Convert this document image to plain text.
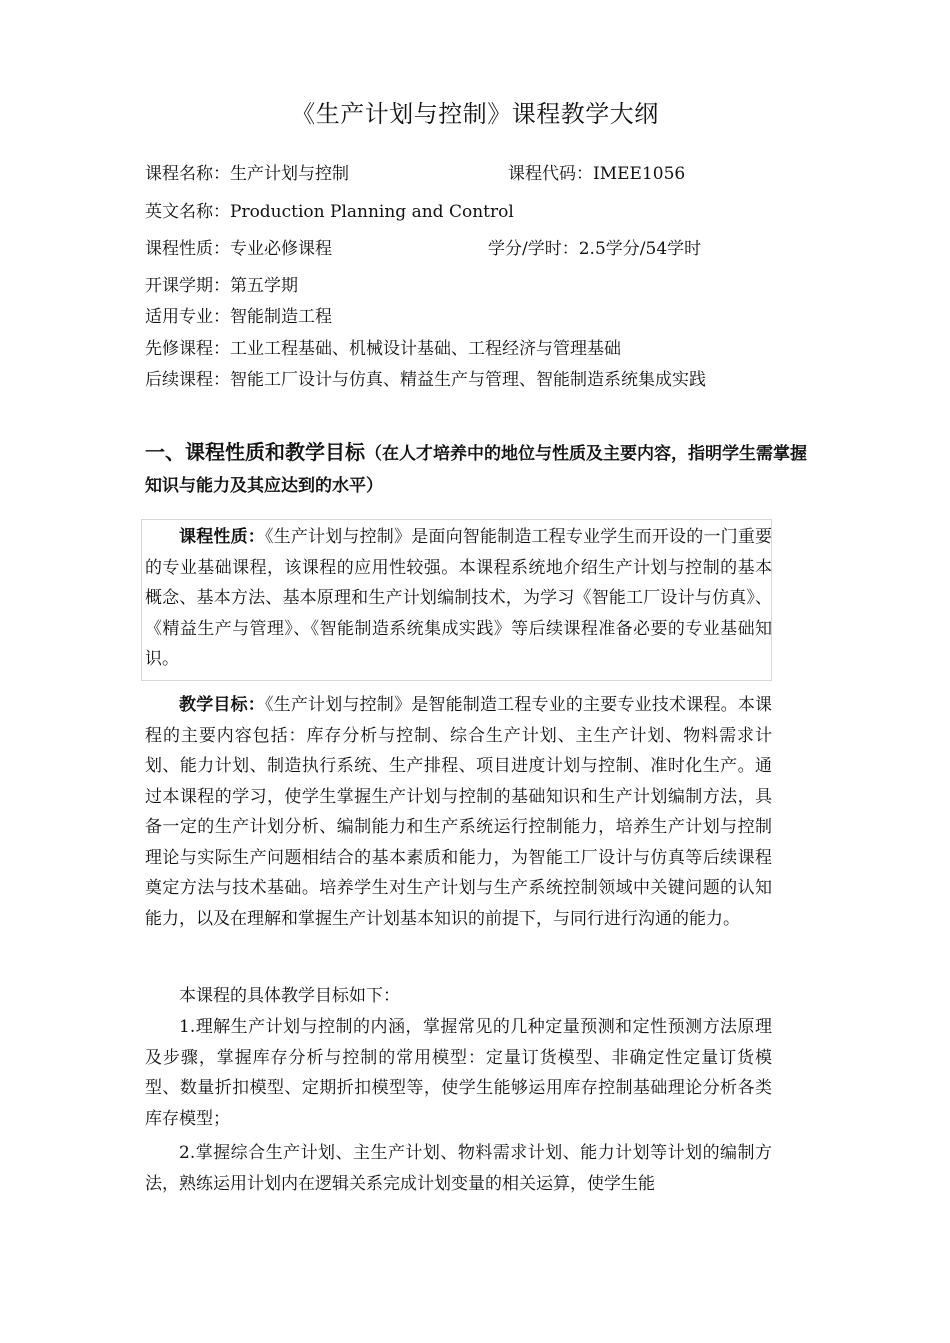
《生产计划与控制》课程教学大纲
课程名称：生产计划与控制	课程代码：IMEE1056
英文名称：Production Planning and Control
课程性质：专业必修课程	学分/学时：2.5学分/54学时
开课学期：第五学期
适用专业：智能制造工程
先修课程：工业工程基础、机械设计基础、工程经济与管理基础
后续课程：智能工厂设计与仿真、精益生产与管理、智能制造系统集成实践
一、课程性质和教学目标（在人才培养中的地位与性质及主要内容，指明学生需掌握知识与能力及其应达到的水平）
课程性质：《生产计划与控制》是面向智能制造工程专业学生而开设的一门重要的专业基础课程，该课程的应用性较强。本课程系统地介绍生产计划与控制的基本概念、基本方法、基本原理和生产计划编制技术，为学习《智能工厂设计与仿真》、《精益生产与管理》、《智能制造系统集成实践》等后续课程准备必要的专业基础知识。
教学目标：《生产计划与控制》是智能制造工程专业的主要专业技术课程。本课程的主要内容包括：库存分析与控制、综合生产计划、主生产计划、物料需求计划、能力计划、制造执行系统、生产排程、项目进度计划与控制、准时化生产。通过本课程的学习，使学生掌握生产计划与控制的基础知识和生产计划编制方法，具备一定的生产计划分析、编制能力和生产系统运行控制能力，培养生产计划与控制理论与实际生产问题相结合的基本素质和能力，为智能工厂设计与仿真等后续课程奠定方法与技术基础。培养学生对生产计划与生产系统控制领域中关键问题的认知能力，以及在理解和掌握生产计划基本知识的前提下，与同行进行沟通的能力。
本课程的具体教学目标如下：
1.理解生产计划与控制的内涵，掌握常见的几种定量预测和定性预测方法原理及步骤，掌握库存分析与控制的常用模型：定量订货模型、非确定性定量订货模型、数量折扣模型、定期折扣模型等，使学生能够运用库存控制基础理论分析各类库存模型；
2.掌握综合生产计划、主生产计划、物料需求计划、能力计划等计划的编制方法，熟练运用计划内在逻辑关系完成计划变量的相关运算，使学生能
